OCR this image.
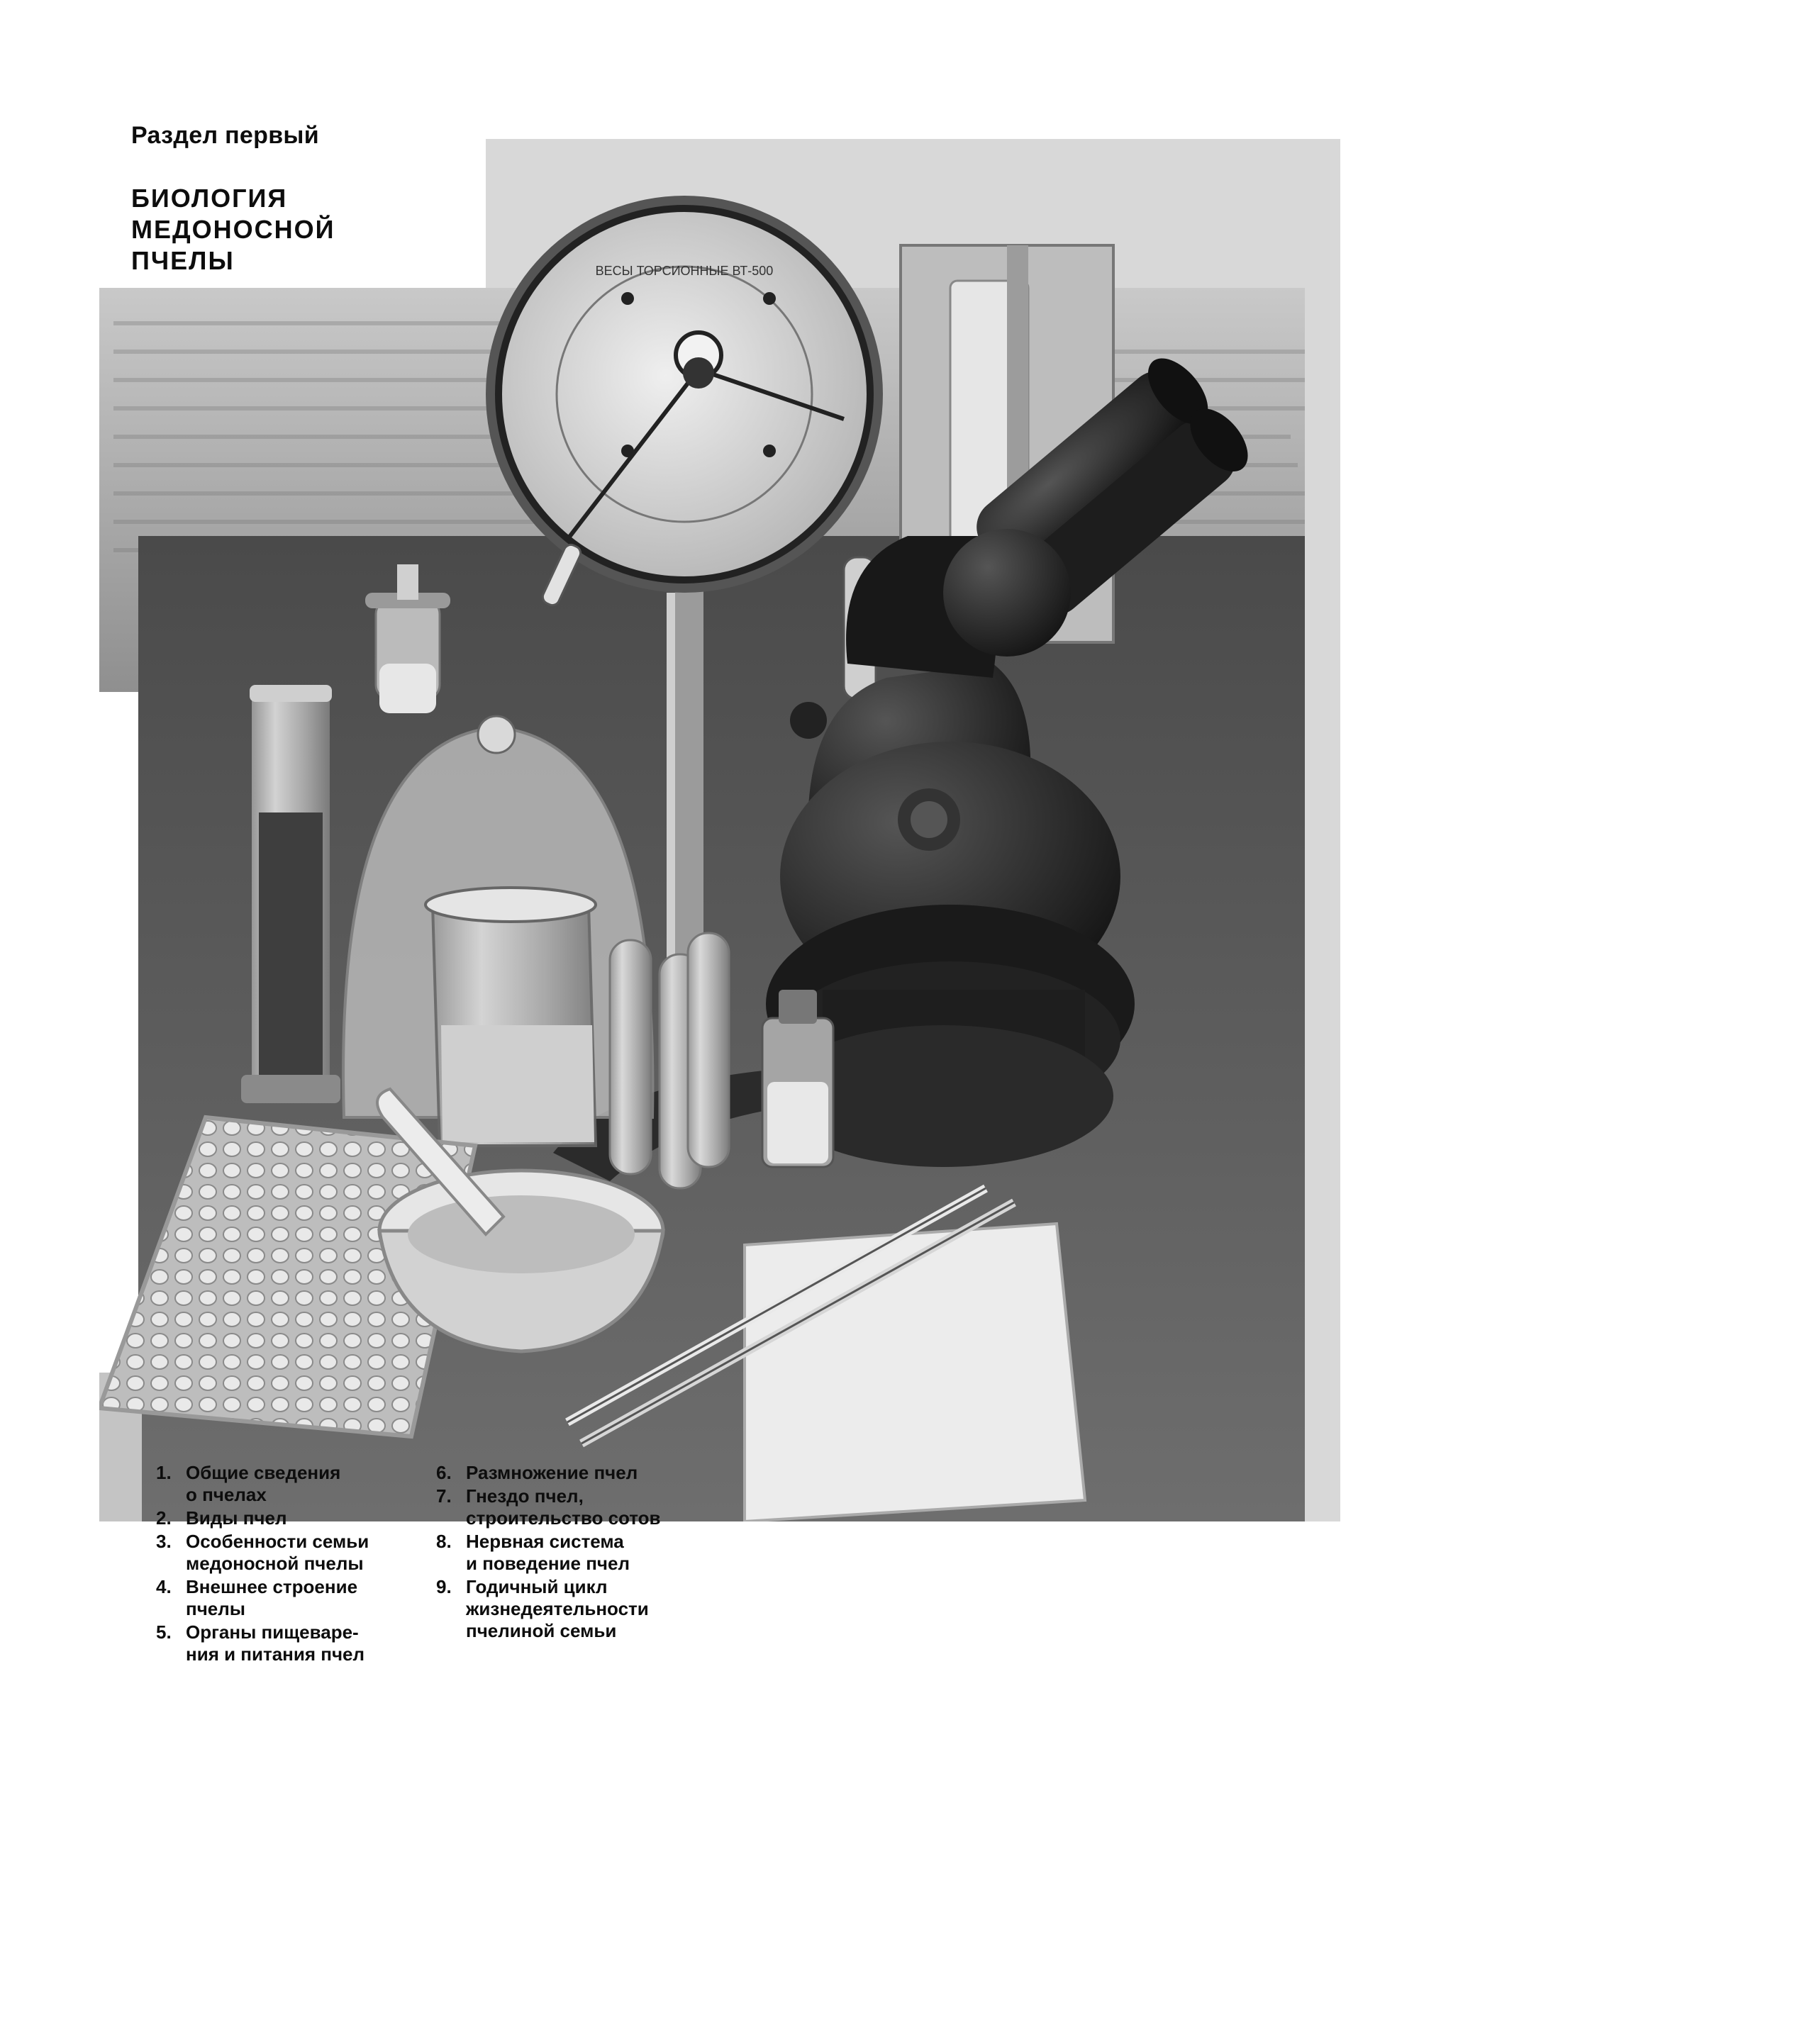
Раздел первый
БИОЛОГИЯ
МЕДОНОСНОЙ
ПЧЕЛЫ	ВЕСЫ ТОРСИОННЫЕ ВТ-500
1. Общие сведения
о пчелах
2. Виды пчел
3. Особенности семьи
медоносной пчелы
4. Внешнее строение
пчелы
5. Органы пищеваре-
ния и питания пчел
6. Размножение пчел
7. Гнездо пчел,
строительство сотов
8. Нервная система
и поведение пчел
9. Годичный цикл
жизнедеятельности
пчелиной семьи
